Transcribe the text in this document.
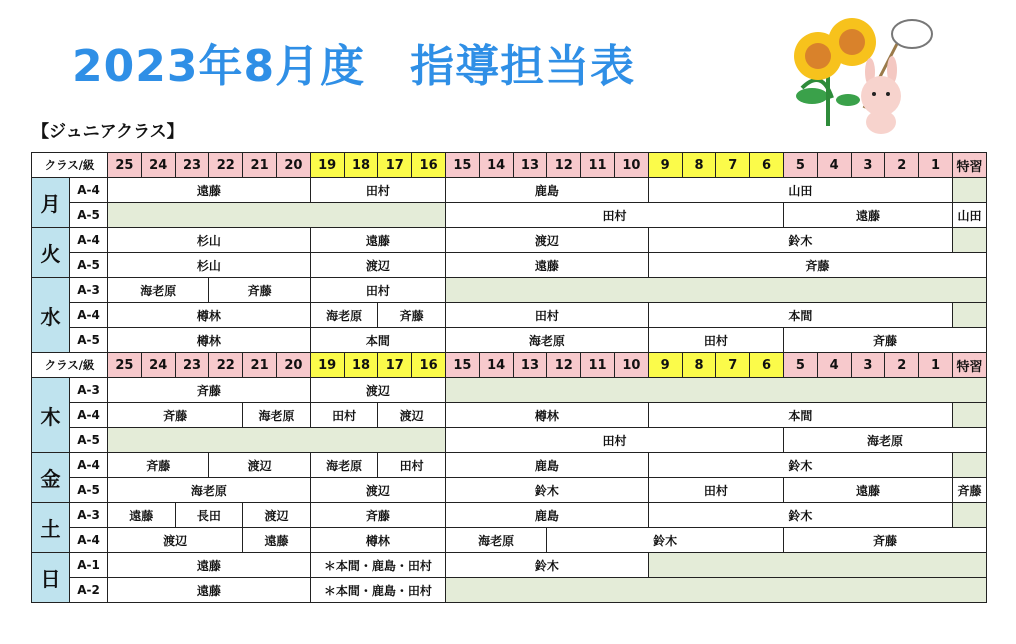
2023年8月度　指導担当表
【ジュニアクラス】
クラス/級		25	24	23	22	21	20	19	18	17	16	15	14	13	12	11	10	9	8	7	6	5	4	3	2	1	特習
月	A-4	遠藤						田村				鹿島						山田									
	A-5											田村										遠藤					山田
火	A-4	杉山						遠藤				渡辺						鈴木									
	A-5	杉山						渡辺				遠藤						斉藤									
水	A-3	海老原			斉藤			田村																			
	A-4	樽林						海老原		斉藤		田村						本間									
	A-5	樽林						本間				海老原						田村				斉藤					
クラス/級		25	24	23	22	21	20	19	18	17	16	15	14	13	12	11	10	9	8	7	6	5	4	3	2	1	特習
木	A-3	斉藤						渡辺																			
	A-4	斉藤				海老原		田村		渡辺		樽林						本間									
	A-5											田村										海老原					
金	A-4	斉藤			渡辺			海老原		田村		鹿島						鈴木									
	A-5	海老原						渡辺				鈴木						田村				遠藤					斉藤
土	A-3	遠藤		長田		渡辺		斉藤				鹿島						鈴木									
	A-4	渡辺				遠藤		樽林				海老原			鈴木							斉藤					
日	A-1	遠藤						＊本間・鹿島・田村				鈴木															
	A-2	遠藤						＊本間・鹿島・田村																			
